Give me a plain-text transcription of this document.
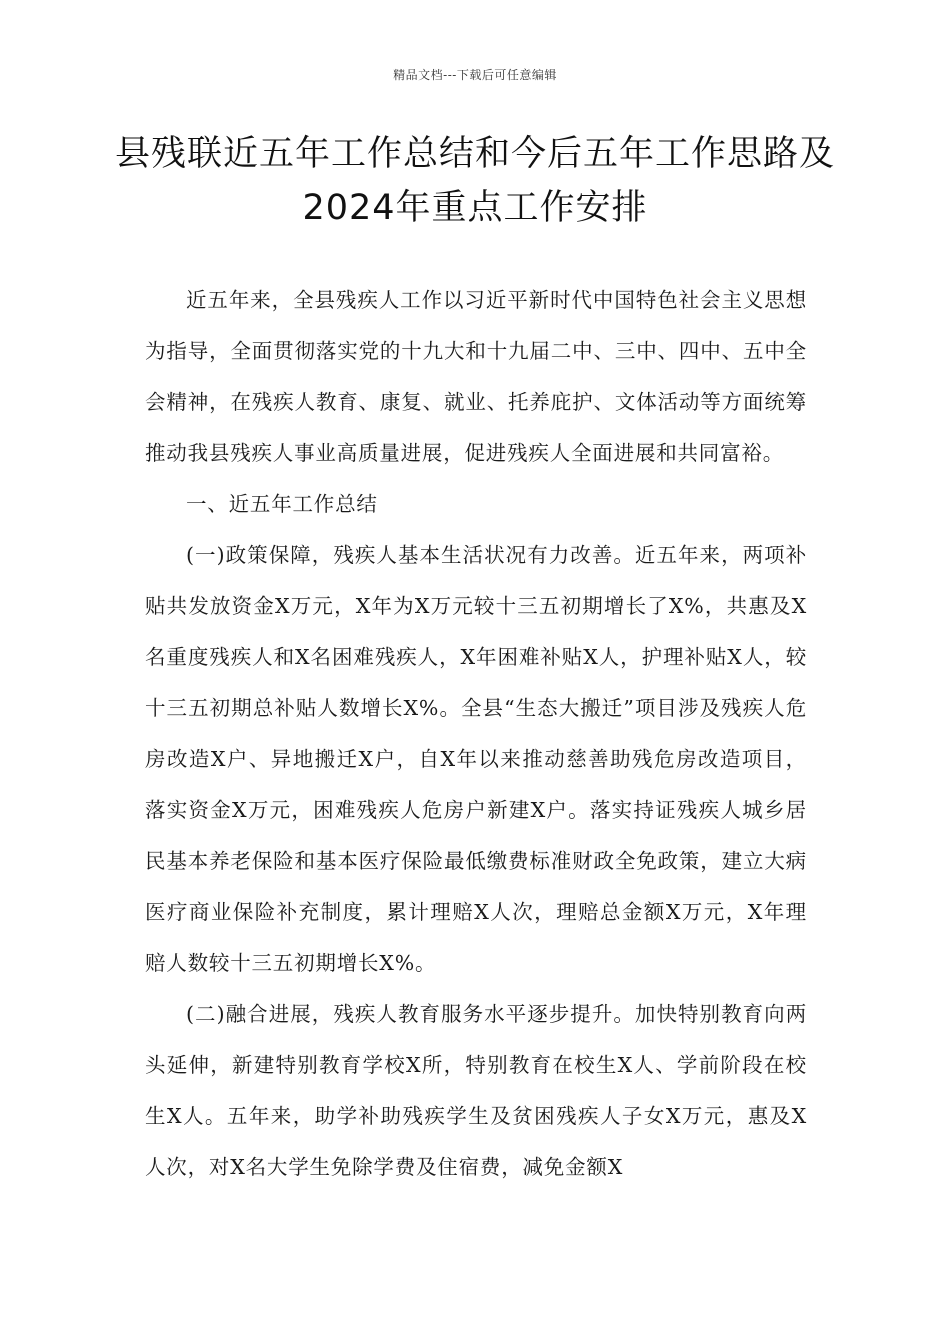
精品文档---下载后可任意编辑
县残联近五年工作总结和今后五年工作思路及2024年重点工作安排

近五年来，全县残疾人工作以习近平新时代中国特色社会主义思想为指导，全面贯彻落实党的十九大和十九届二中、三中、四中、五中全会精神，在残疾人教育、康复、就业、托养庇护、文体活动等方面统筹推动我县残疾人事业高质量进展，促进残疾人全面进展和共同富裕。

一、近五年工作总结

(一)政策保障，残疾人基本生活状况有力改善。近五年来，两项补贴共发放资金X万元，X年为X万元较十三五初期增长了X%，共惠及X名重度残疾人和X名困难残疾人，X年困难补贴X人，护理补贴X人，较十三五初期总补贴人数增长X%。全县“生态大搬迁”项目涉及残疾人危房改造X户、异地搬迁X户，自X年以来推动慈善助残危房改造项目，落实资金X万元，困难残疾人危房户新建X户。落实持证残疾人城乡居民基本养老保险和基本医疗保险最低缴费标准财政全免政策，建立大病医疗商业保险补充制度，累计理赔X人次，理赔总金额X万元，X年理赔人数较十三五初期增长X%。

(二)融合进展，残疾人教育服务水平逐步提升。加快特别教育向两头延伸，新建特别教育学校X所，特别教育在校生X人、学前阶段在校生X人。五年来，助学补助残疾学生及贫困残疾人子女X万元，惠及X人次，对X名大学生免除学费及住宿费，减免金额X
